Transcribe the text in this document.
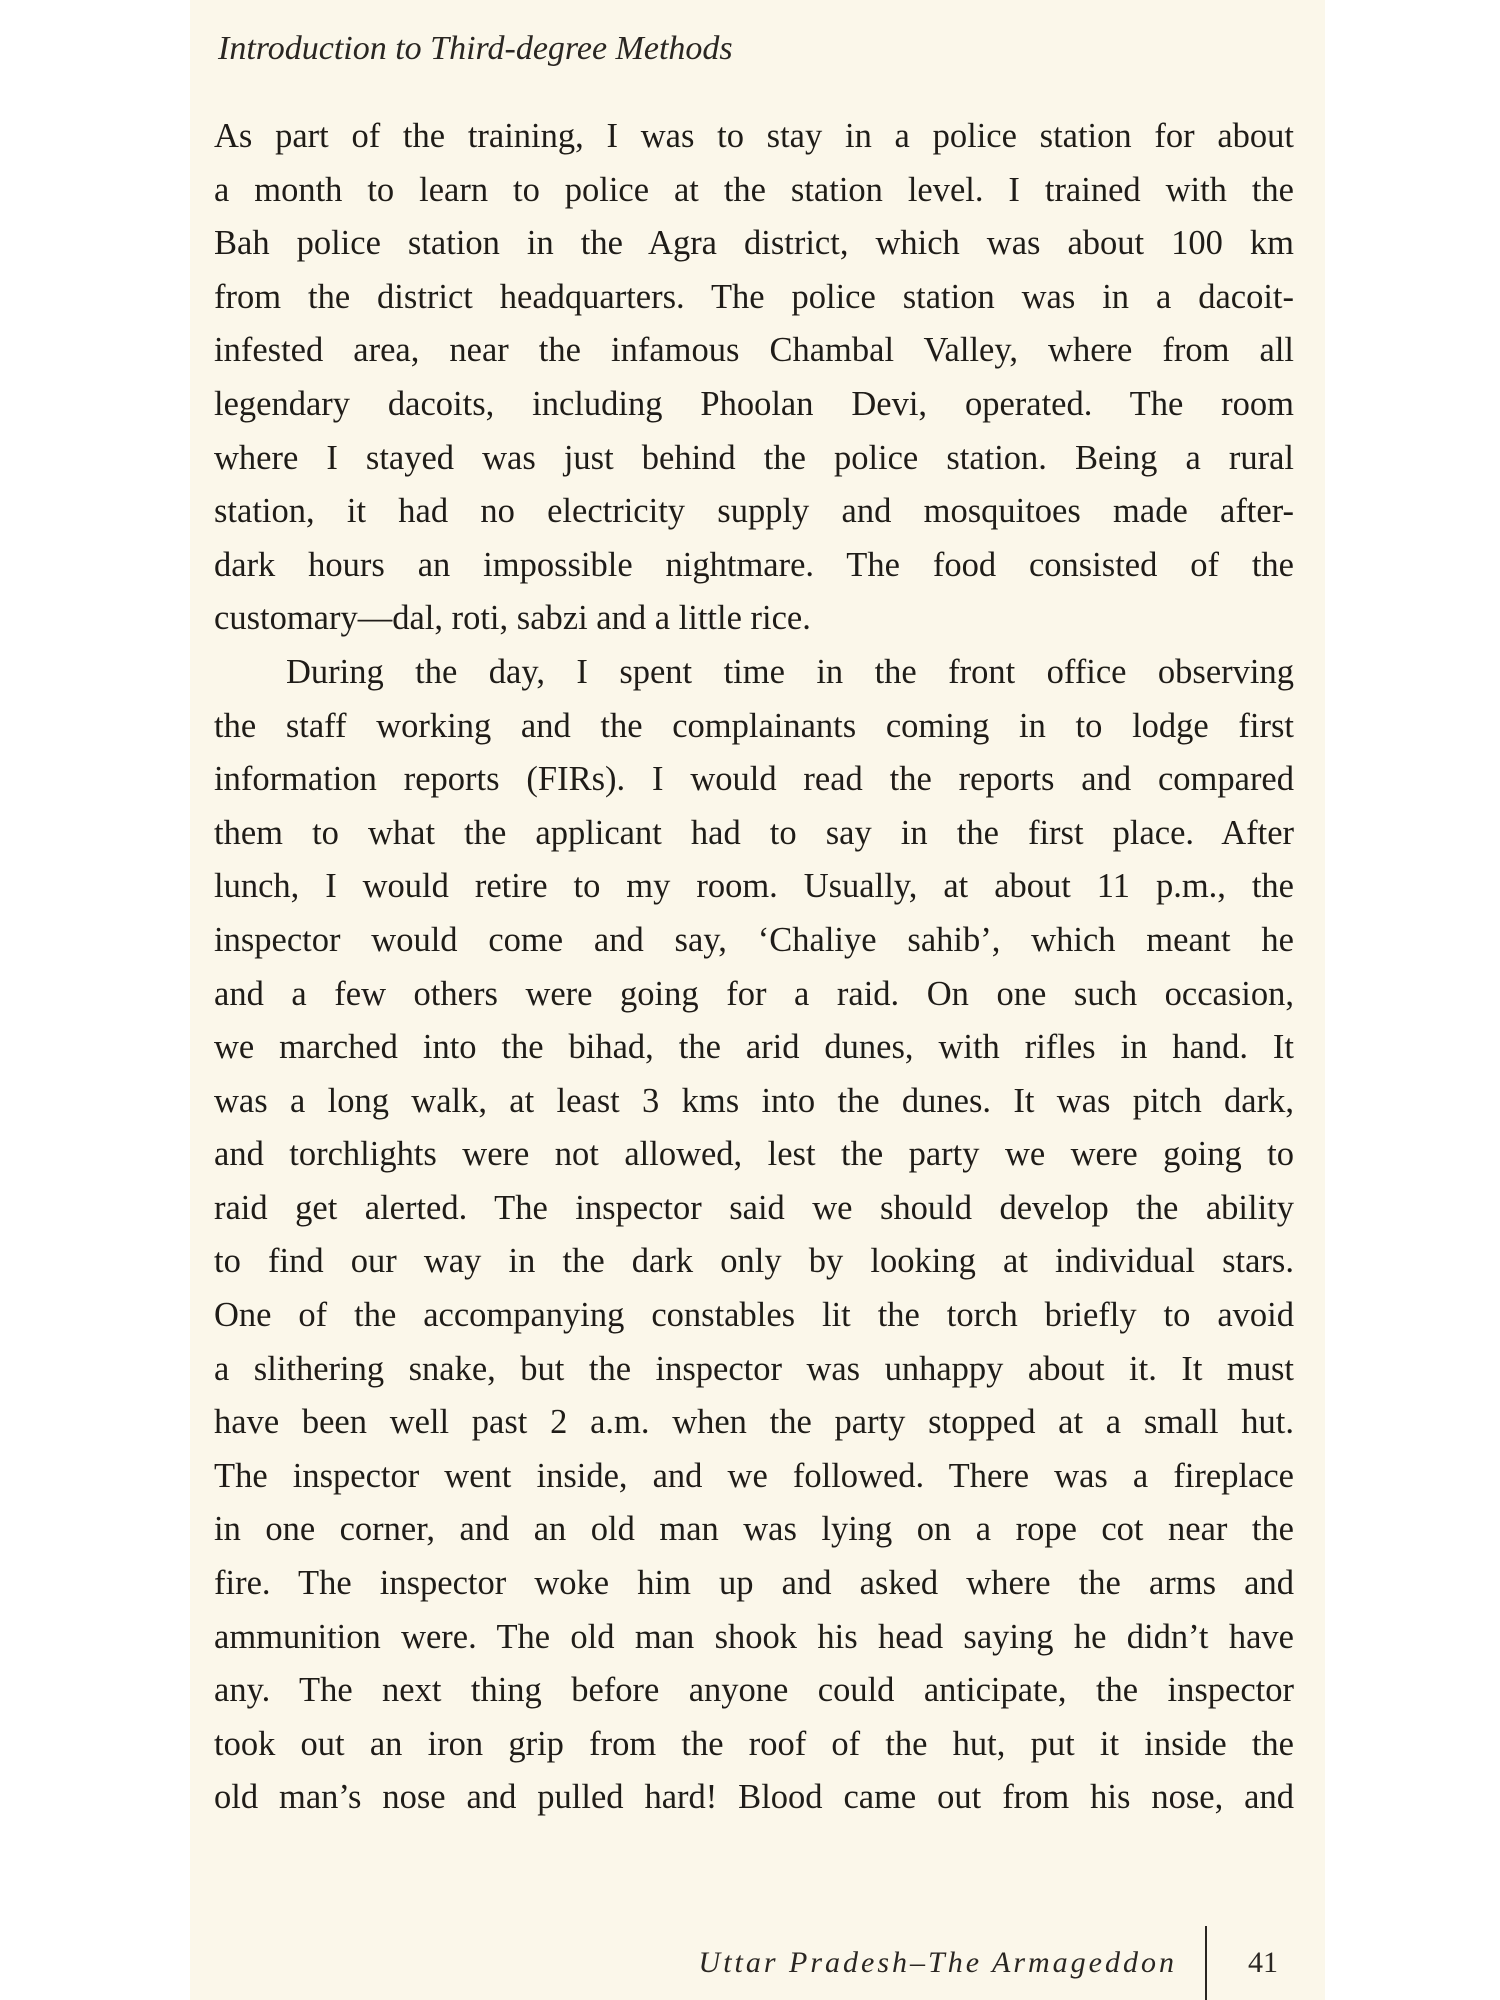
Introduction to Third-degree Methods
As part of the training, I was to stay in a police station for about
a month to learn to police at the station level. I trained with the
Bah police station in the Agra district, which was about 100 km
from the district headquarters. The police station was in a dacoit-
infested area, near the infamous Chambal Valley, where from all
legendary dacoits, including Phoolan Devi, operated. The room
where I stayed was just behind the police station. Being a rural
station, it had no electricity supply and mosquitoes made after-
dark hours an impossible nightmare. The food consisted of the
customary—dal, roti, sabzi and a little rice.
During the day, I spent time in the front office observing
the staff working and the complainants coming in to lodge first
information reports (FIRs). I would read the reports and compared
them to what the applicant had to say in the first place. After
lunch, I would retire to my room. Usually, at about 11 p.m., the
inspector would come and say, ‘Chaliye sahib’, which meant he
and a few others were going for a raid. On one such occasion,
we marched into the bihad, the arid dunes, with rifles in hand. It
was a long walk, at least 3 kms into the dunes. It was pitch dark,
and torchlights were not allowed, lest the party we were going to
raid get alerted. The inspector said we should develop the ability
to find our way in the dark only by looking at individual stars.
One of the accompanying constables lit the torch briefly to avoid
a slithering snake, but the inspector was unhappy about it. It must
have been well past 2 a.m. when the party stopped at a small hut.
The inspector went inside, and we followed. There was a fireplace
in one corner, and an old man was lying on a rope cot near the
fire. The inspector woke him up and asked where the arms and
ammunition were. The old man shook his head saying he didn’t have
any. The next thing before anyone could anticipate, the inspector
took out an iron grip from the roof of the hut, put it inside the
old man’s nose and pulled hard! Blood came out from his nose, and
Uttar Pradesh–The Armageddon 41
